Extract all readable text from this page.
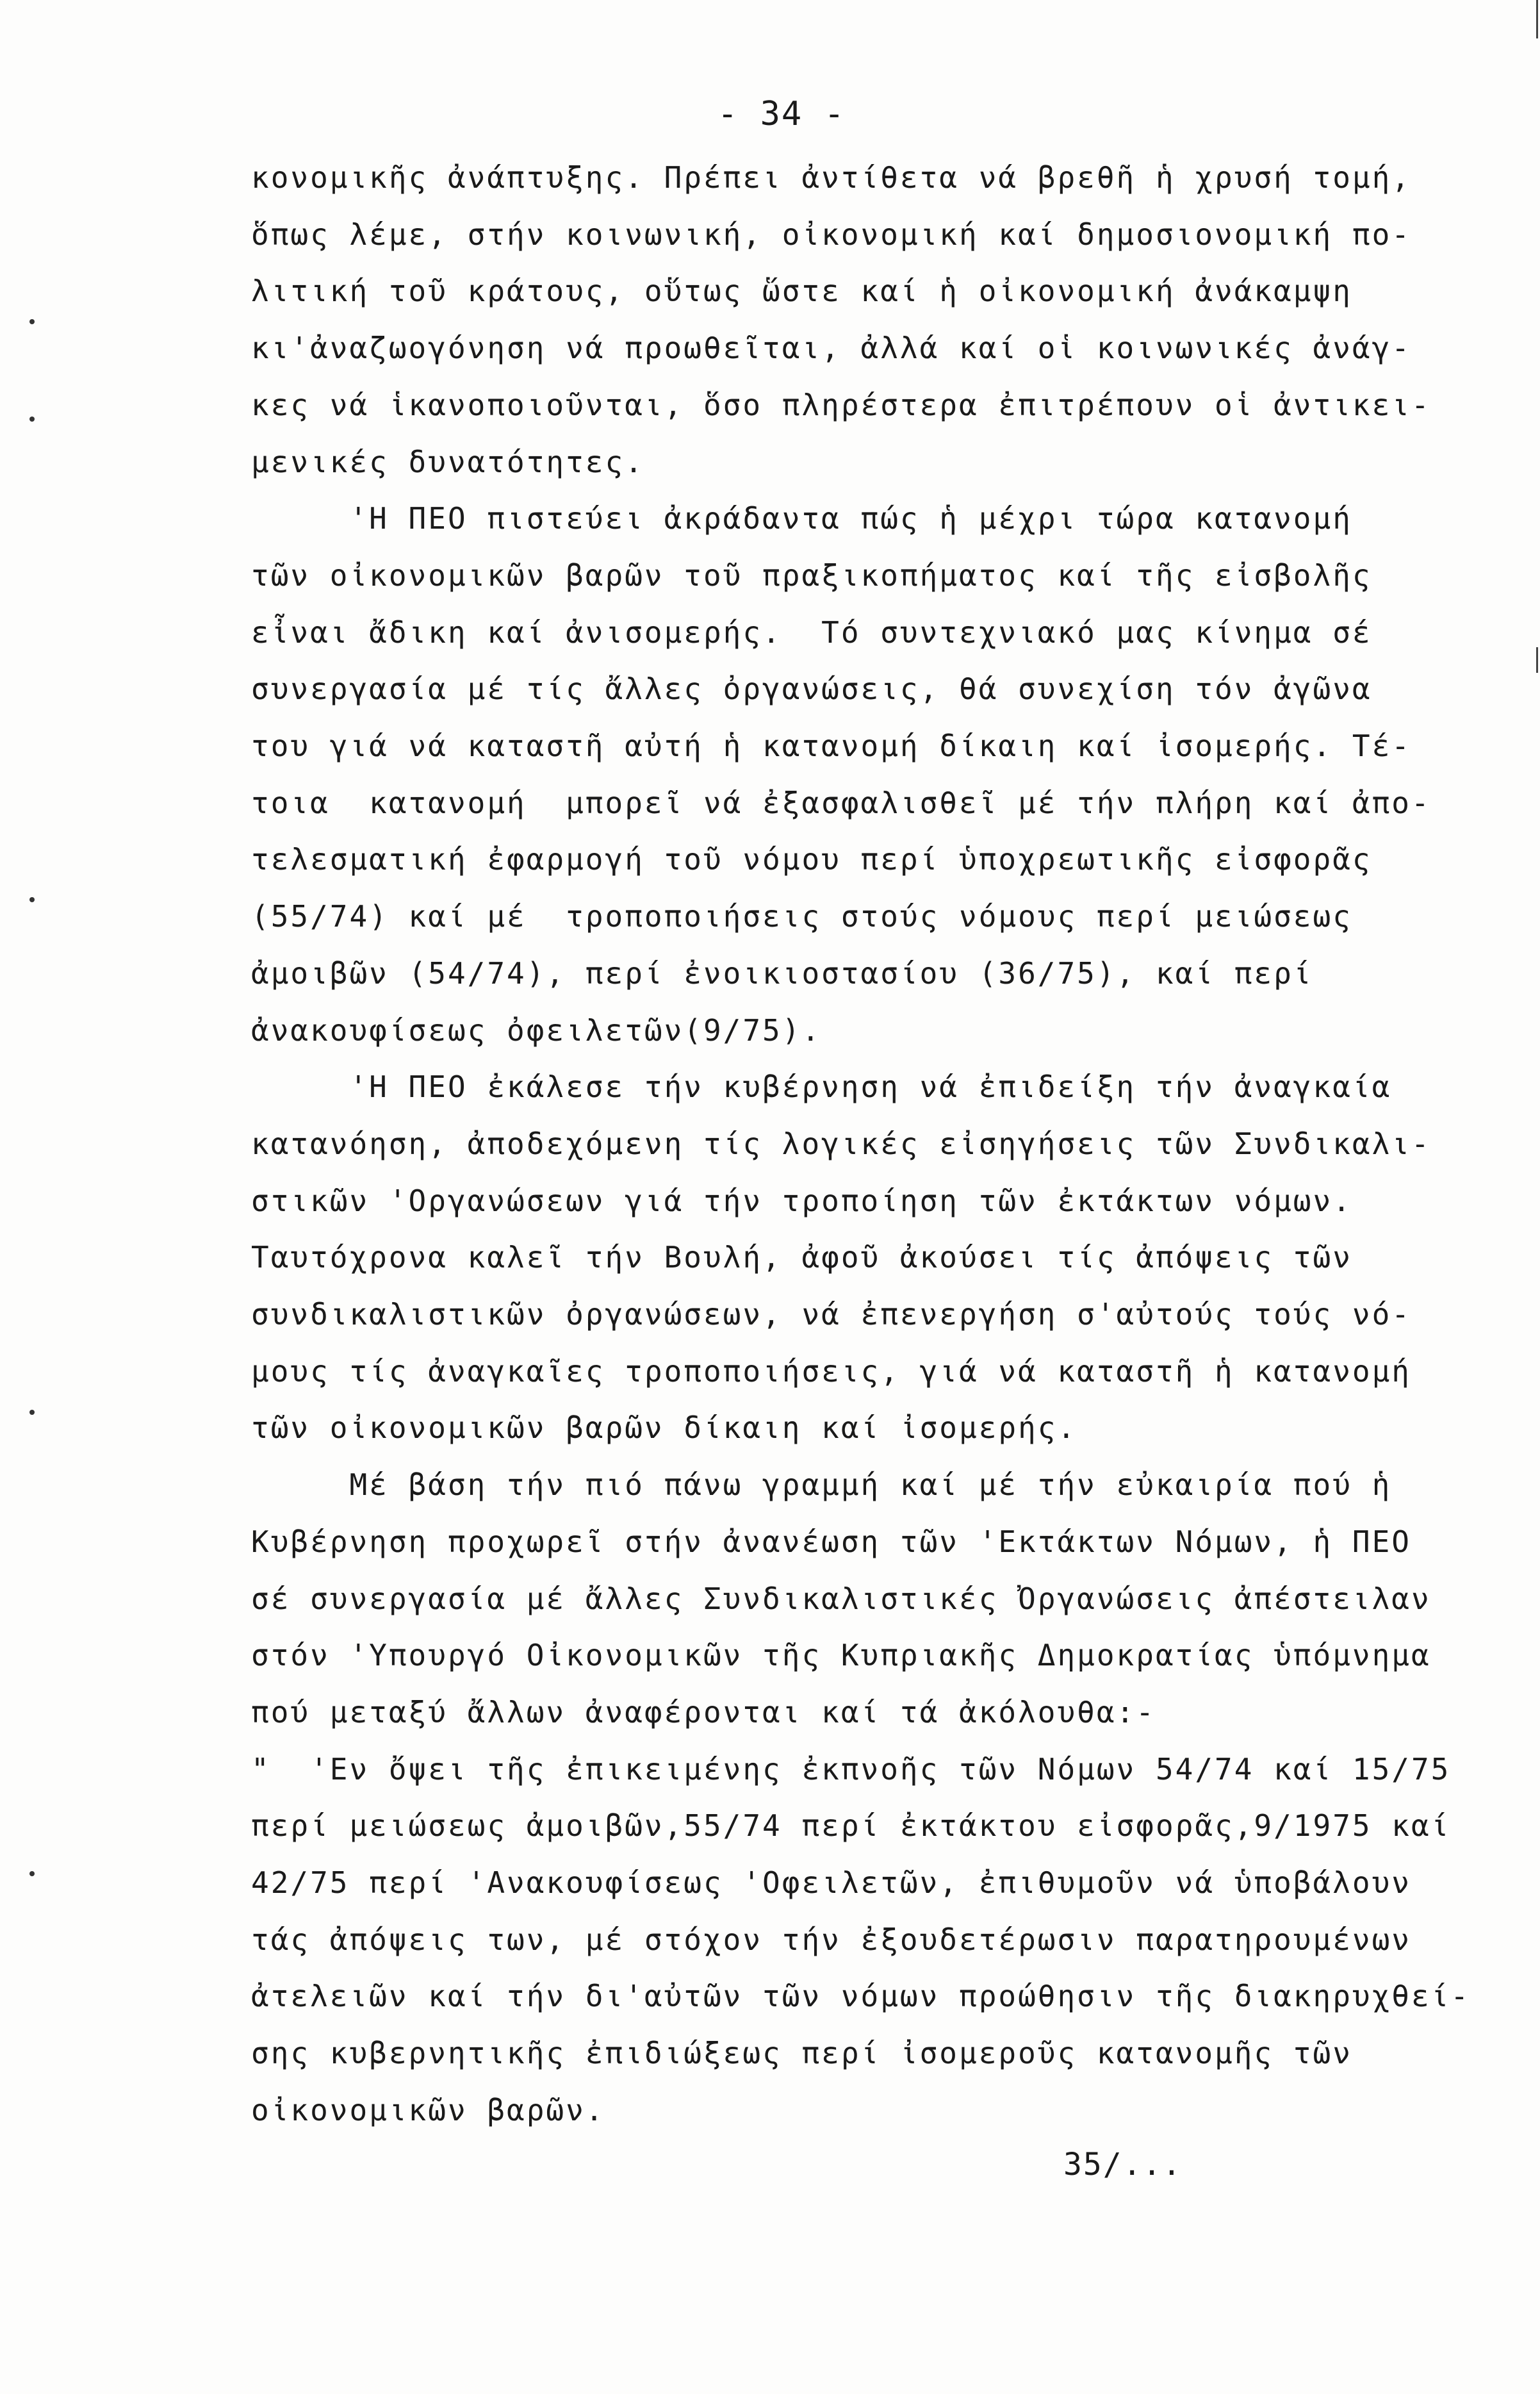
- 34 -
κονομικῆς ἀνάπτυξης. Πρέπει ἀντίθετα νά βρεθῆ ἡ χρυσή τομή,
ὅπως λέμε, στήν κοινωνική, οἰκονομική καί δημοσιονομική πο-
λιτική τοῦ κράτους, οὕτως ὥστε καί ἡ οἰκονομική ἀνάκαμψη
κι'ἀναζωογόνηση νά προωθεῖται, ἀλλά καί οἱ κοινωνικές ἀνάγ-
κες νά ἱκανοποιοῦνται, ὅσο πληρέστερα ἐπιτρέπουν οἱ ἀντικει-
μενικές δυνατότητες.
'Η ΠΕΟ πιστεύει ἀκράδαντα πώς ἡ μέχρι τώρα κατανομή
τῶν οἰκονομικῶν βαρῶν τοῦ πραξικοπήματος καί τῆς εἰσβολῆς
εἶναι ἄδικη καί ἀνισομερής.  Τό συντεχνιακό μας κίνημα σέ
συνεργασία μέ τίς ἄλλες ὀργανώσεις, θά συνεχίση τόν ἀγῶνα
του γιά νά καταστῆ αὐτή ἡ κατανομή δίκαιη καί ἰσομερής. Τέ-
τοια  κατανομή  μπορεῖ νά ἐξασφαλισθεῖ μέ τήν πλήρη καί ἀπο-
τελεσματική ἐφαρμογή τοῦ νόμου περί ὑποχρεωτικῆς εἰσφορᾶς
(55/74) καί μέ  τροποποιήσεις στούς νόμους περί μειώσεως
ἀμοιβῶν (54/74), περί ἐνοικιοστασίου (36/75), καί περί
ἀνακουφίσεως ὀφειλετῶν(9/75).
'Η ΠΕΟ ἐκάλεσε τήν κυβέρνηση νά ἐπιδείξη τήν ἀναγκαία
κατανόηση, ἀποδεχόμενη τίς λογικές εἰσηγήσεις τῶν Συνδικαλι-
στικῶν 'Οργανώσεων γιά τήν τροποίηση τῶν ἐκτάκτων νόμων.
Ταυτόχρονα καλεῖ τήν Βουλή, ἀφοῦ ἀκούσει τίς ἀπόψεις τῶν
συνδικαλιστικῶν ὀργανώσεων, νά ἐπενεργήση σ'αὐτούς τούς νό-
μους τίς ἀναγκαῖες τροποποιήσεις, γιά νά καταστῆ ἡ κατανομή
τῶν οἰκονομικῶν βαρῶν δίκαιη καί ἰσομερής.
Μέ βάση τήν πιό πάνω γραμμή καί μέ τήν εὐκαιρία πού ἡ
Κυβέρνηση προχωρεῖ στήν ἀνανέωση τῶν 'Εκτάκτων Νόμων, ἡ ΠΕΟ
σέ συνεργασία μέ ἄλλες Συνδικαλιστικές Ὀργανώσεις ἀπέστειλαν
στόν 'Υπουργό Οἰκονομικῶν τῆς Κυπριακῆς Δημοκρατίας ὑπόμνημα
πού μεταξύ ἄλλων ἀναφέρονται καί τά ἀκόλουθα:-
"  'Εν ὄψει τῆς ἐπικειμένης ἐκπνοῆς τῶν Νόμων 54/74 καί 15/75
περί μειώσεως ἀμοιβῶν,55/74 περί ἐκτάκτου εἰσφορᾶς,9/1975 καί
42/75 περί 'Ανακουφίσεως 'Οφειλετῶν, ἐπιθυμοῦν νά ὑποβάλουν
τάς ἀπόψεις των, μέ στόχον τήν ἐξουδετέρωσιν παρατηρουμένων
ἀτελειῶν καί τήν δι'αὐτῶν τῶν νόμων προώθησιν τῆς διακηρυχθεί-
σης κυβερνητικῆς ἐπιδιώξεως περί ἰσομεροῦς κατανομῆς τῶν
οἰκονομικῶν βαρῶν.
35/...
